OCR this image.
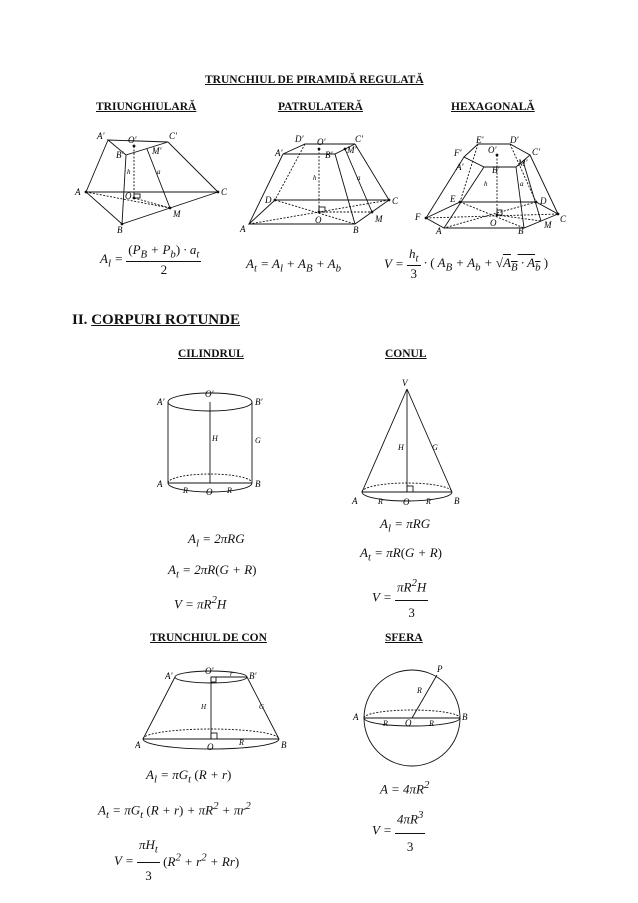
TRUNCHIUL DE PIRAMIDĂ REGULATĂ
TRIUNGHIULARĂ	PATRULATERĂ	HEXAGONALĂ
A'	O'	C'
B'	M'
h	a
A	O	C
M
B
D' O'	C'
A'	B' M'
h	a
D
O
C
M
A	B
E'	D'
F'	O'	C'
A'	B'
M'
h	a
E	D
F
O	C
M
A	B
$A_l = \frac{(P_B + P_b) \cdot a_t}{2}$	$A_t = A_l + A_B + A_b$	$V = \frac{h_t}{3}$ · ( $A_B + A_b + √A_B \cdot A_b$ )
II. CORPURI ROTUNDE
CILINDRUL
A'
O'
B'
H	G
A
R O R
B
$A_l = 2\pi RG$
$A_t = 2\pi R(G + R)$
$V = \pi R^2H$
CONUL
V
H	G
A	R O R	B
$A_l = \pi RG$
$A_t = \pi R(G + R)$
$V = \frac{\pi R^2H}{3}$
TRUNCHIUL DE CON
A'	O' r B'
H	G
A	O	R	B
$A_l = \pi G_t$ (R + r)
$A_t = \pi G_t$ $(R + r) + \pi R^2 + \pi r^2$
$V = \frac{\pi H_t}{3} (R^2 + r^2 + Rr)$
SFERA
P
R
A
R O R
B
$A = 4\pi R^2$
$V = \frac{4\pi R^3}{3}$
